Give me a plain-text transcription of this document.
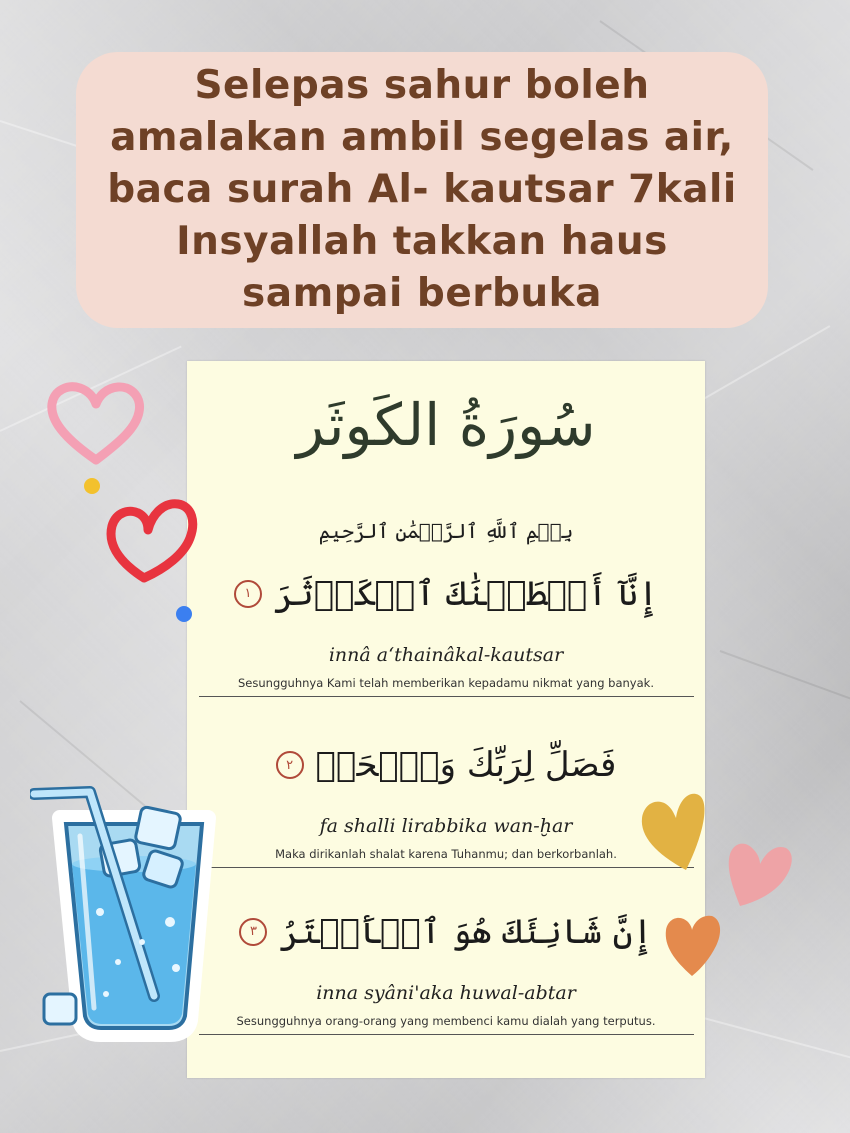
Selepas sahur boleh
amalakan ambil segelas air,
baca surah Al- kautsar 7kali
Insyallah takkan haus
sampai berbuka
سُورَةُ الكَوثَر
بِسۡمِ ٱللَّهِ ٱلرَّحۡمَٰنِ ٱلرَّحِيمِ
إِنَّآ أَعۡطَيۡنَٰكَ ٱلۡكَوۡثَرَ
١
innâ a‘thainâkal-kautsar
Sesungguhnya Kami telah memberikan kepadamu nikmat yang banyak.
فَصَلِّ لِرَبِّكَ وَٱنۡحَرۡ
٢
fa shalli lirabbika wan-ḫar
Maka dirikanlah shalat karena Tuhanmu; dan berkorbanlah.
إِنَّ شَانِئَكَ هُوَ ٱلۡأَبۡتَرُ
٣
inna syâni'aka huwal-abtar
Sesungguhnya orang-orang yang membenci kamu dialah yang terputus.
